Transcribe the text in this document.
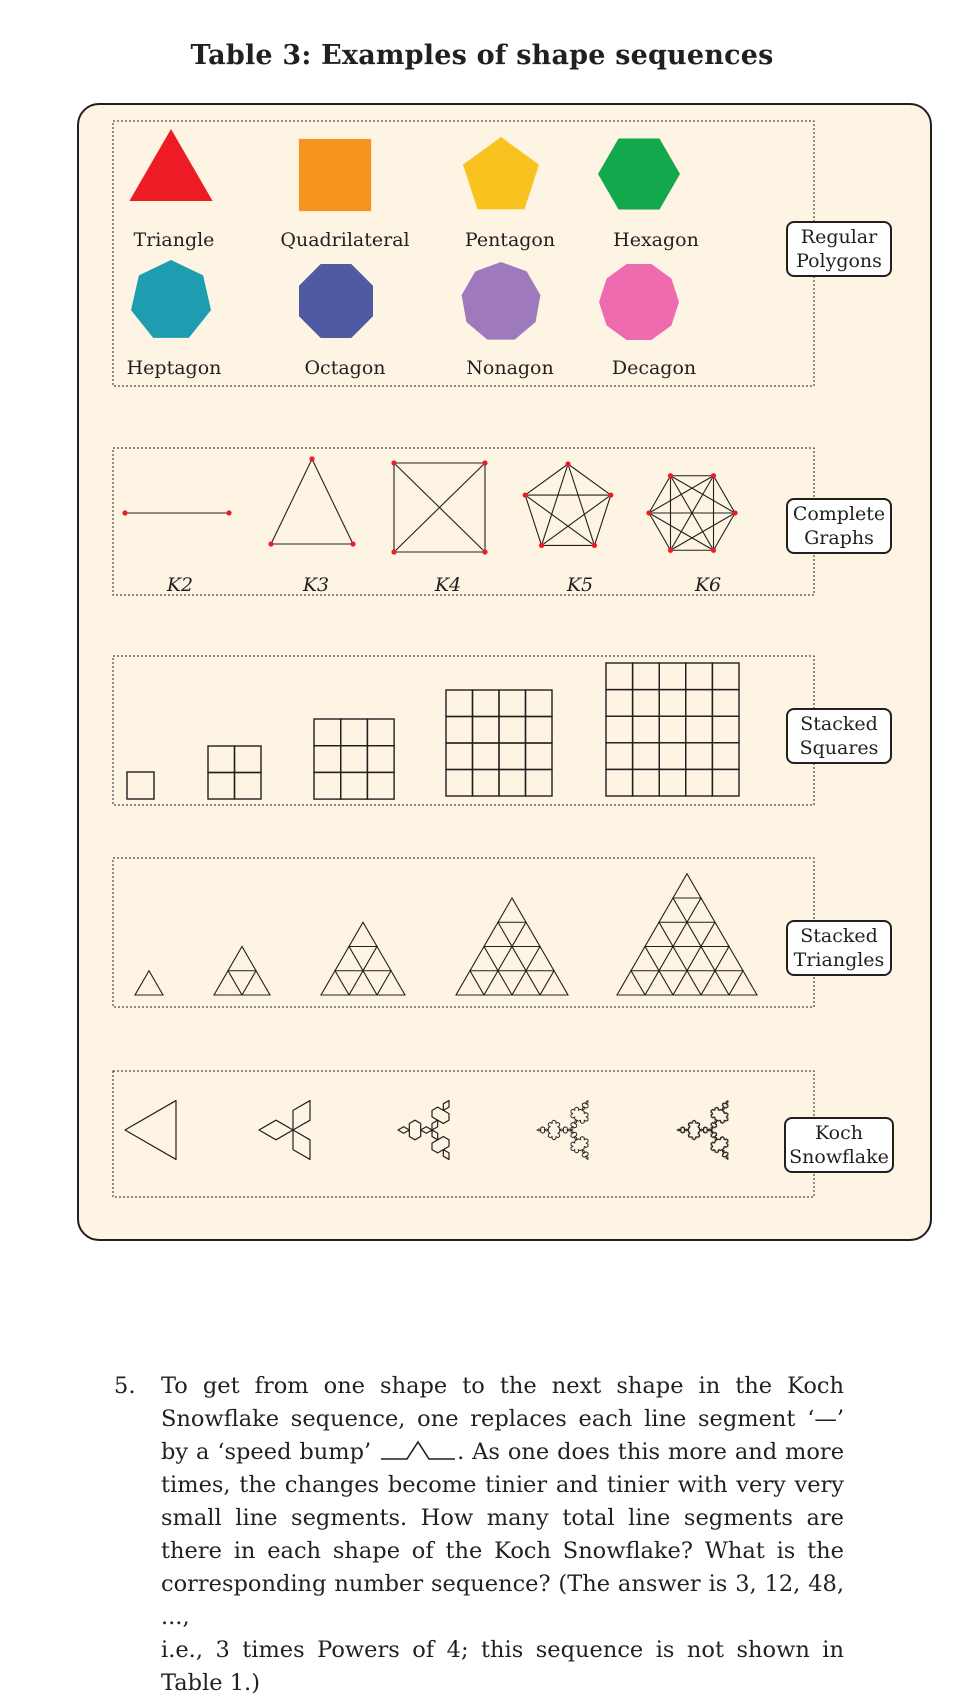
Table 3: Examples of shape sequences
Triangle	Quadrilateral	Pentagon	Hexagon
Heptagon	Octagon	Nonagon	Decagon
K2	K3	K4	K5	K6
Regular
Polygons
Complete
Graphs
Stacked
Squares
Stacked
Triangles
Koch
Snowflake
5. To get from one shape to the next shape in the Koch
Snowflake sequence, one replaces each line segment ‘—’
by a ‘speed bump’	. As one does this more and more
times, the changes become tinier and tinier with very very
small line segments. How many total line segments are
there in each shape of the Koch Snowflake? What is the
corresponding number sequence? (The answer is 3, 12, 48, ...,
i.e., 3 times Powers of 4; this sequence is not shown in Table 1.)
